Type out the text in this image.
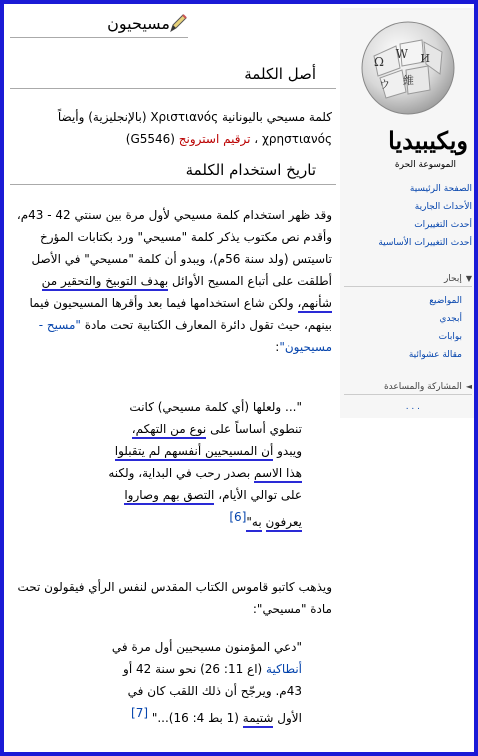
Ω
W И
ウ 維
ويكيبيديا
الموسوعة الحرة
الصفحة الرئيسية
الأحداث الجارية
أحدث التغييرات
أحدث التغييرات الأساسية
▼إبحار
المواضيع
أبجدي
بوابات
مقالة عشوائية
◄المشاركة والمساعدة
. . .
مسيحيون
أصل الكلمة
كلمة مسيحي باليونانية Χριστιανός (بالإنجليزية) وأيضاً χρηστιανός ، ترقيم استرونج (G5546)
تاريخ استخدام الكلمة
وقد ظهر استخدام كلمة مسيحي لأول مرة بين سنتي 42 - 43م، وأقدم نص مكتوب يذكر كلمة "مسيحي" ورد بكتابات المؤرخ تاسيتس (ولد سنة 56م)، ويبدو أن كلمة "مسيحي" في الأصل أطلقت على أتباع المسيح الأوائل بهدف التوبيخ والتحقير من شأنهم، ولكن شاع استخدامها فيما بعد وأقرها المسيحيون فيما بينهم، حيث تقول دائرة المعارف الكتابية تحت مادة "مسيح - مسيحيون":
"... ولعلها (أي كلمة مسيحي) كانت تنطوي أساساً على نوع من التهكم، ويبدو أن المسيحيين أنفسهم لم يتقبلوا هذا الاسم بصدر رحب في البداية، ولكنه على توالي الأيام، التصق بهم وصاروا يعرفون به"[6]
ويذهب كاتبو قاموس الكتاب المقدس لنفس الرأي فيقولون تحت مادة "مسيحي":
"دعي المؤمنون مسيحيين أول مرة في أنطاكية (اع 11: 26) نحو سنة 42 أو 43م. ويرجّح أن ذلك اللقب كان في الأول شتيمة (1 بط 4: 16)..." [7]
